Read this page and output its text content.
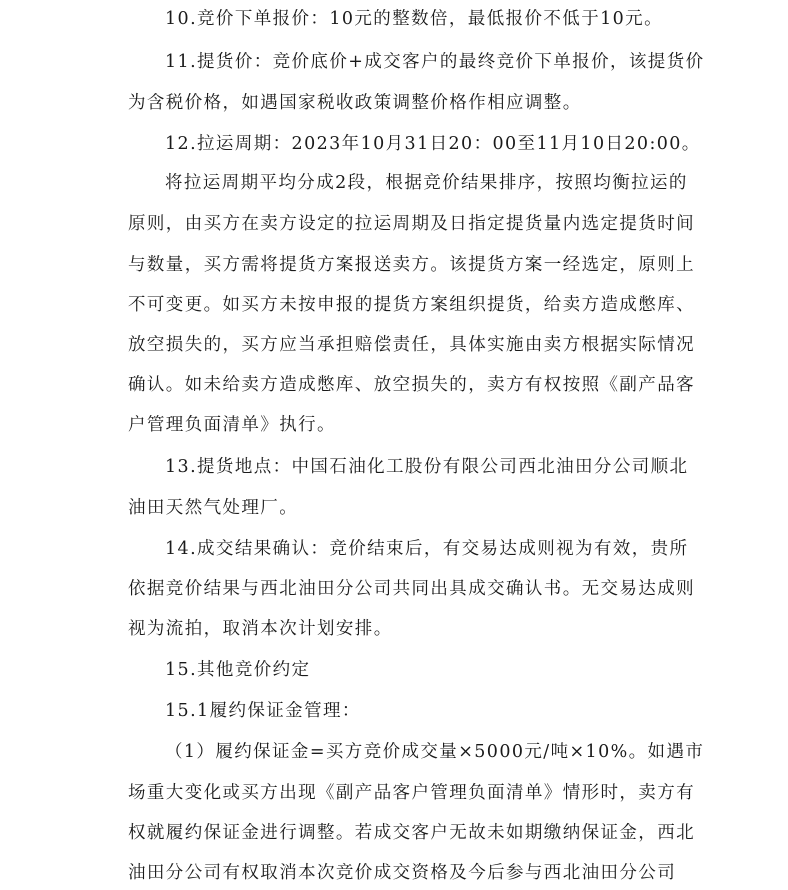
10.竞价下单报价：10元的整数倍，最低报价不低于10元。
11.提货价：竞价底价+成交客户的最终竞价下单报价，该提货价
为含税价格，如遇国家税收政策调整价格作相应调整。
12.拉运周期：2023年10月31日20：00至11月10日20:00。
将拉运周期平均分成2段，根据竞价结果排序，按照均衡拉运的
原则，由买方在卖方设定的拉运周期及日指定提货量内选定提货时间
与数量，买方需将提货方案报送卖方。该提货方案一经选定，原则上
不可变更。如买方未按申报的提货方案组织提货，给卖方造成憋库、
放空损失的，买方应当承担赔偿责任，具体实施由卖方根据实际情况
确认。如未给卖方造成憋库、放空损失的，卖方有权按照《副产品客
户管理负面清单》执行。
13.提货地点：中国石油化工股份有限公司西北油田分公司顺北
油田天然气处理厂。
14.成交结果确认：竞价结束后，有交易达成则视为有效，贵所
依据竞价结果与西北油田分公司共同出具成交确认书。无交易达成则
视为流拍，取消本次计划安排。
15.其他竞价约定
15.1履约保证金管理：
（1）履约保证金=买方竞价成交量×5000元/吨×10%。如遇市
场重大变化或买方出现《副产品客户管理负面清单》情形时，卖方有
权就履约保证金进行调整。若成交客户无故未如期缴纳保证金，西北
油田分公司有权取消本次竞价成交资格及今后参与西北油田分公司
